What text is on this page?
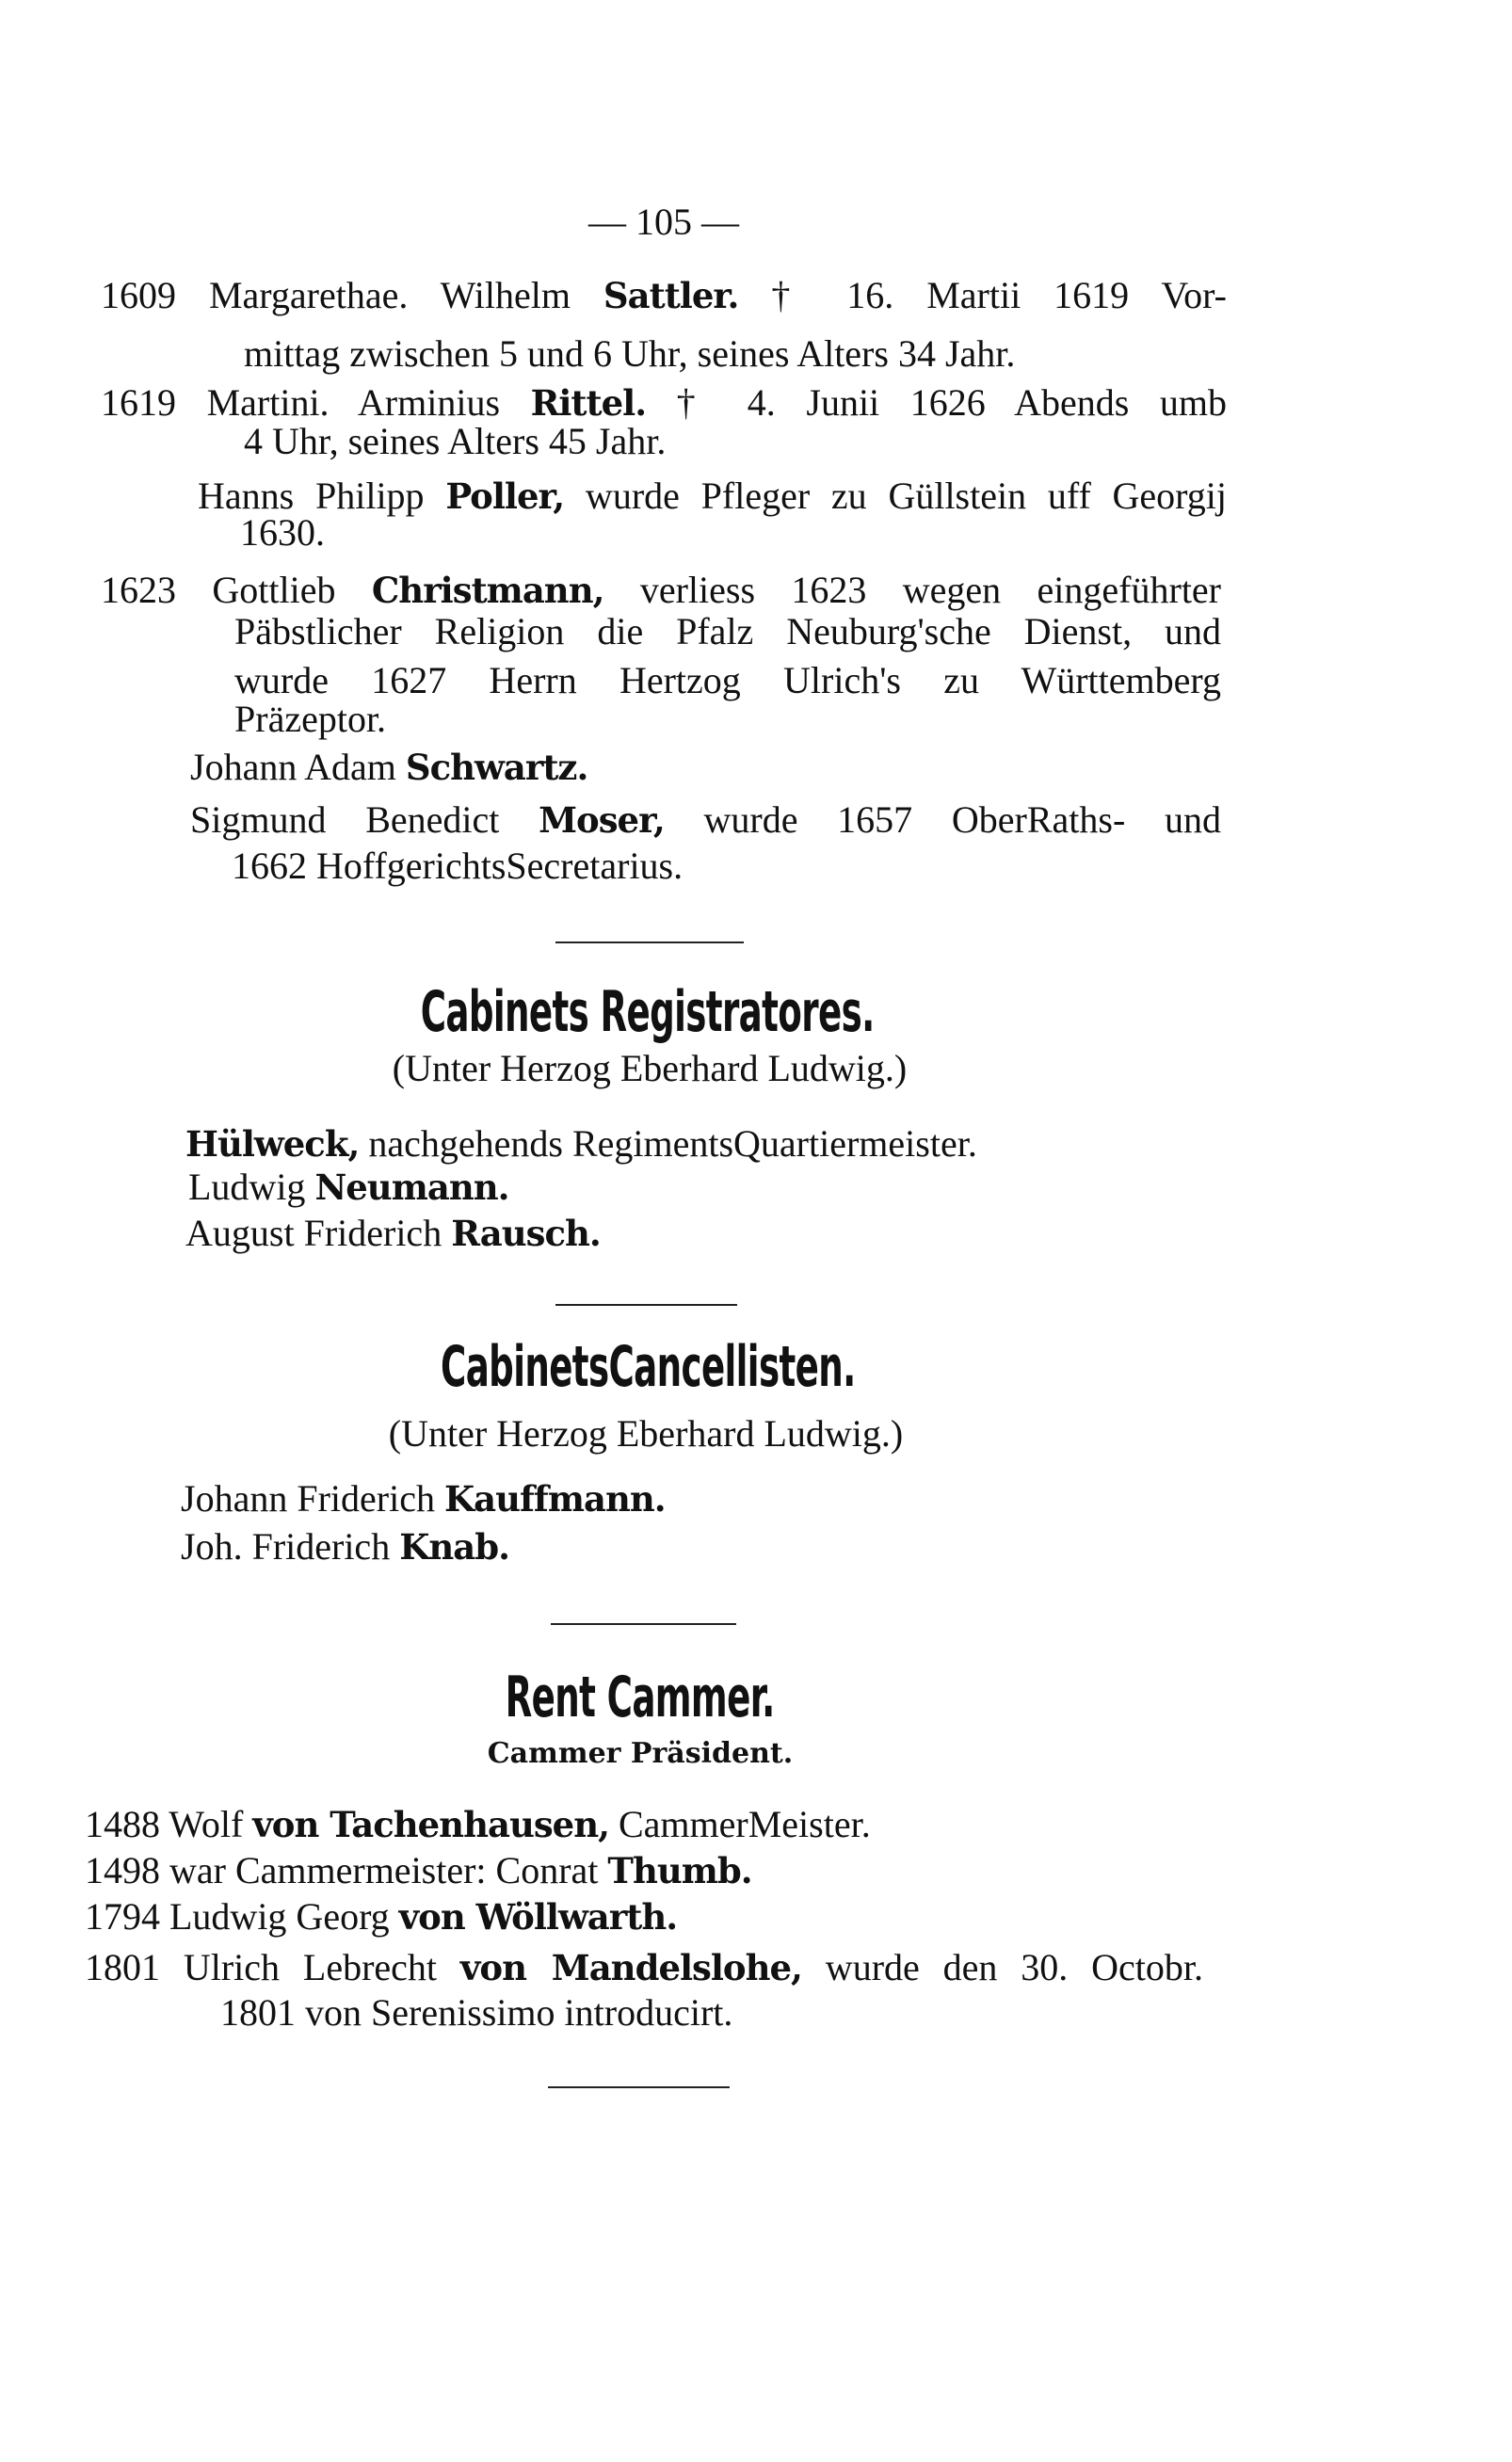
— 105 —
1609 Margarethae. Wilhelm Sattler. † 16. Martii 1619 Vor-
mittag zwischen 5 und 6 Uhr, seines Alters 34 Jahr.
1619 Martini. Arminius Rittel. † 4. Junii 1626 Abends umb
4 Uhr, seines Alters 45 Jahr.
Hanns Philipp Poller, wurde Pfleger zu Güllstein uff Georgij
1630.
1623 Gottlieb Christmann, verliess 1623 wegen eingeführter
Päbstlicher Religion die Pfalz Neuburg'sche Dienst, und
wurde 1627 Herrn Hertzog Ulrich's zu Württemberg
Präzeptor.
Johann Adam Schwartz.
Sigmund Benedict Moser, wurde 1657 OberRaths- und
1662 HoffgerichtsSecretarius.
Cabinets Registratores.
(Unter Herzog Eberhard Ludwig.)
Hülweck, nachgehends RegimentsQuartiermeister.
Ludwig Neumann.
August Friderich Rausch.
CabinetsCancellisten.
(Unter Herzog Eberhard Ludwig.)
Johann Friderich Kauffmann.
Joh. Friderich Knab.
Rent Cammer.
Cammer Präsident.
1488 Wolf von Tachenhausen, CammerMeister.
1498 war Cammermeister: Conrat Thumb.
1794 Ludwig Georg von Wöllwarth.
1801 Ulrich Lebrecht von Mandelslohe, wurde den 30. Octobr.
1801 von Serenissimo introducirt.
